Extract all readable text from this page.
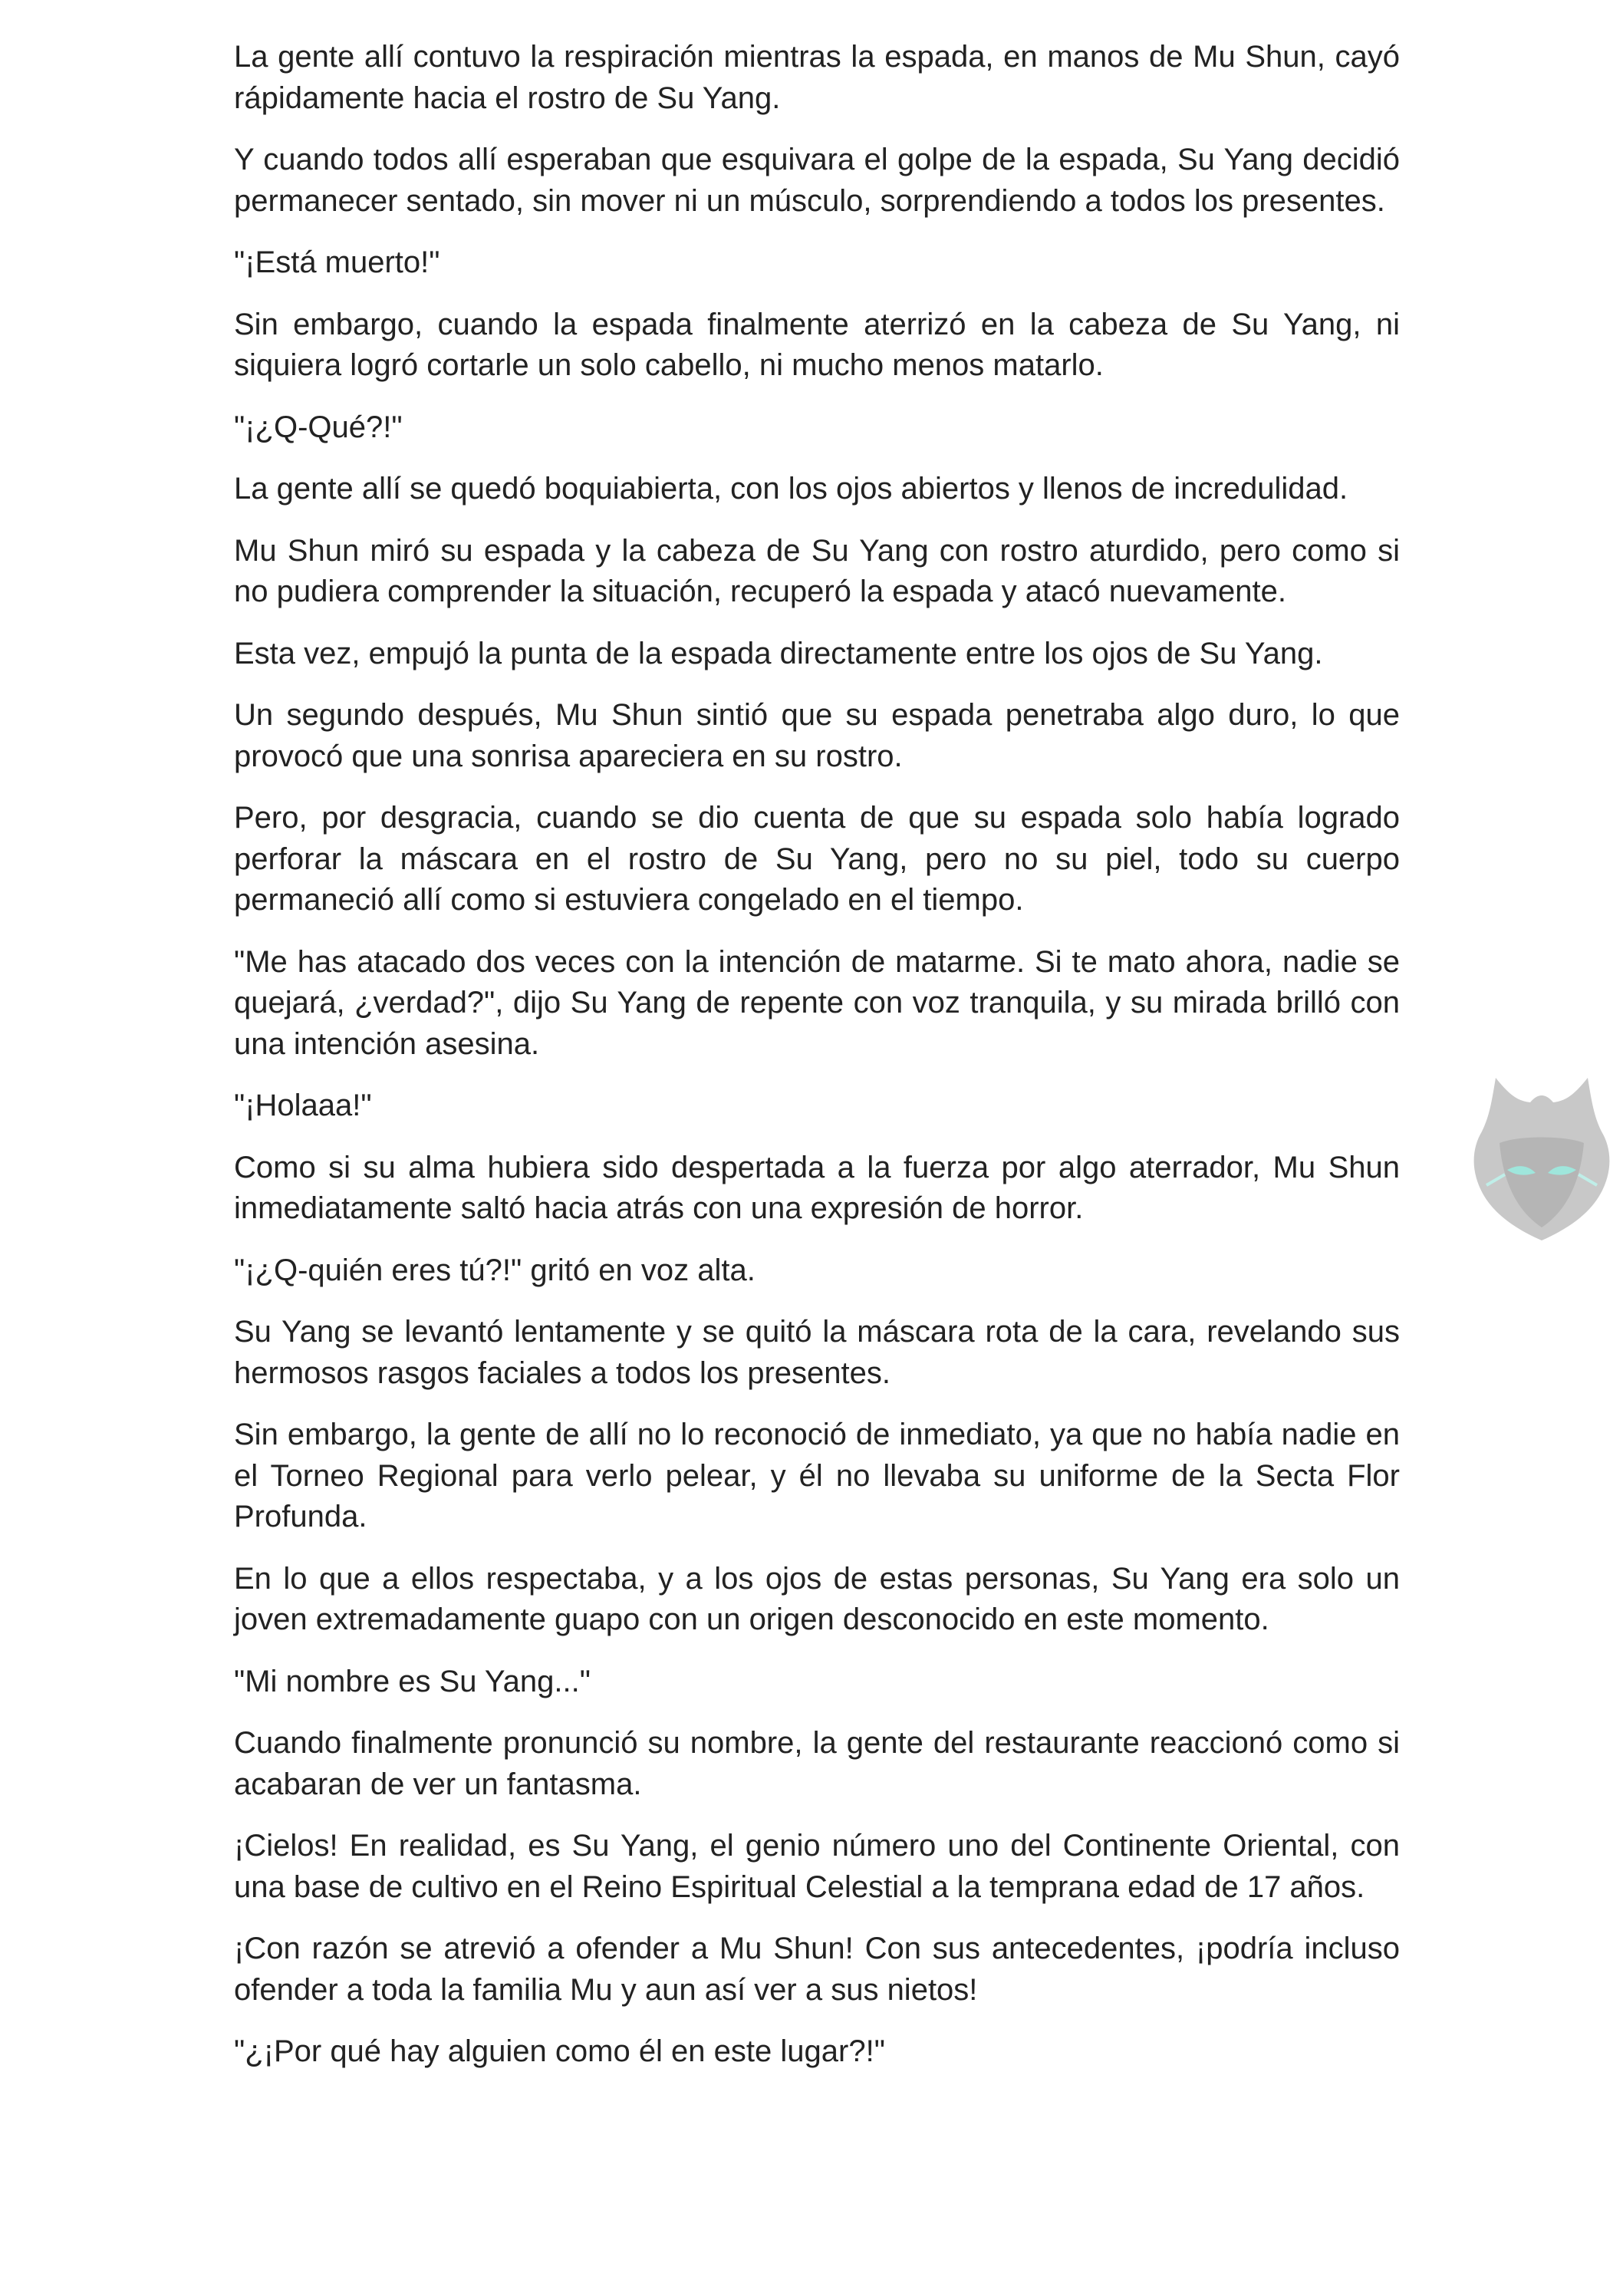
La gente allí contuvo la respiración mientras la espada, en manos de Mu Shun, cayó rápidamente hacia el rostro de Su Yang.

Y cuando todos allí esperaban que esquivara el golpe de la espada, Su Yang decidió permanecer sentado, sin mover ni un músculo, sorprendiendo a todos los presentes.

"¡Está muerto!"

Sin embargo, cuando la espada finalmente aterrizó en la cabeza de Su Yang, ni siquiera logró cortarle un solo cabello, ni mucho menos matarlo.

"¡¿Q-Qué?!"

La gente allí se quedó boquiabierta, con los ojos abiertos y llenos de incredulidad.

Mu Shun miró su espada y la cabeza de Su Yang con rostro aturdido, pero como si no pudiera comprender la situación, recuperó la espada y atacó nuevamente.

Esta vez, empujó la punta de la espada directamente entre los ojos de Su Yang.

Un segundo después, Mu Shun sintió que su espada penetraba algo duro, lo que provocó que una sonrisa apareciera en su rostro.

Pero, por desgracia, cuando se dio cuenta de que su espada solo había logrado perforar la máscara en el rostro de Su Yang, pero no su piel, todo su cuerpo permaneció allí como si estuviera congelado en el tiempo.

"Me has atacado dos veces con la intención de matarme. Si te mato ahora, nadie se quejará, ¿verdad?", dijo Su Yang de repente con voz tranquila, y su mirada brilló con una intención asesina.

"¡Holaaa!"

Como si su alma hubiera sido despertada a la fuerza por algo aterrador, Mu Shun inmediatamente saltó hacia atrás con una expresión de horror.

"¡¿Q-quién eres tú?!" gritó en voz alta.

Su Yang se levantó lentamente y se quitó la máscara rota de la cara, revelando sus hermosos rasgos faciales a todos los presentes.

Sin embargo, la gente de allí no lo reconoció de inmediato, ya que no había nadie en el Torneo Regional para verlo pelear, y él no llevaba su uniforme de la Secta Flor Profunda.

En lo que a ellos respectaba, y a los ojos de estas personas, Su Yang era solo un joven extremadamente guapo con un origen desconocido en este momento.

"Mi nombre es Su Yang..."

Cuando finalmente pronunció su nombre, la gente del restaurante reaccionó como si acabaran de ver un fantasma.

¡Cielos! En realidad, es Su Yang, el genio número uno del Continente Oriental, con una base de cultivo en el Reino Espiritual Celestial a la temprana edad de 17 años.

¡Con razón se atrevió a ofender a Mu Shun! Con sus antecedentes, ¡podría incluso ofender a toda la familia Mu y aun así ver a sus nietos!

"¿¡Por qué hay alguien como él en este lugar?!"
